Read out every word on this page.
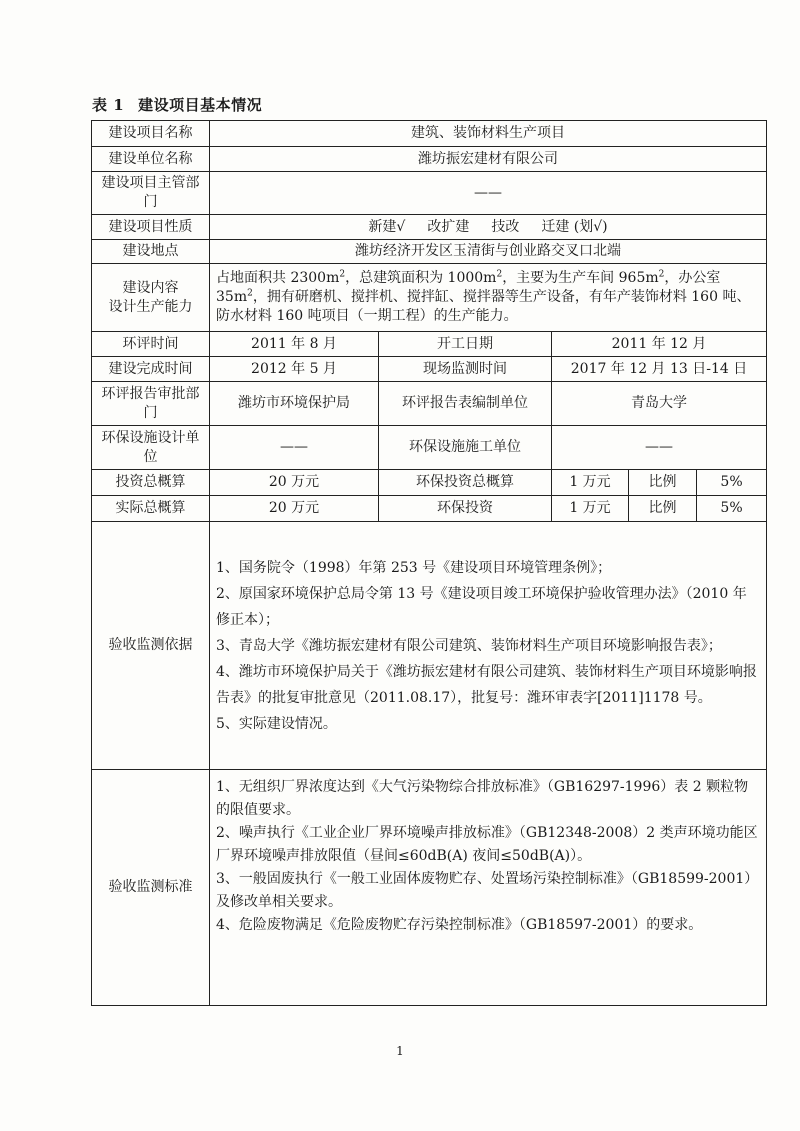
表 1 建设项目基本情况
建设项目名称	建筑、装饰材料生产项目				
建设单位名称	潍坊振宏建材有限公司				
建设项目主管部门	——				
建设项目性质	新建√ 改扩建 技改 迁建 (划√)				
建设地点	潍坊经济开发区玉清街与创业路交叉口北端				
建设内容
设计生产能力	占地面积共 $2300m^2$，总建筑面积为 $1000m^2$，主要为生产车间 $965m^2$，办公室 $35m^2$，拥有研磨机、搅拌机、搅拌缸、搅拌器等生产设备，有年产装饰材料 160 吨、防水材料 160 吨项目（一期工程）的生产能力。				
环评时间	2011 年 8 月	开工日期	2011 年 12 月		
建设完成时间	2012 年 5 月	现场监测时间	2017 年 12 月 13 日-14 日		
环评报告审批部门	潍坊市环境保护局	环评报告表编制单位	青岛大学		
环保设施设计单位	——	环保设施施工单位	——		
投资总概算	20 万元	环保投资总概算	1 万元	比例	5%
实际总概算	20 万元	环保投资	1 万元	比例	5%
验收监测依据	1、国务院令（1998）年第 253 号《建设项目环境管理条例》；

2、原国家环境保护总局令第 13 号《建设项目竣工环境保护验收管理办法》（2010 年修正本）；

3、青岛大学《潍坊振宏建材有限公司建筑、装饰材料生产项目环境影响报告表》；

4、潍坊市环境保护局关于《潍坊振宏建材有限公司建筑、装饰材料生产项目环境影响报告表》的批复审批意见（2011.08.17），批复号：潍环审表字[2011]1178 号。

5、实际建设情况。				

验收监测标准	1、无组织厂界浓度达到《大气污染物综合排放标准》（GB16297-1996）表 2 颗粒物的限值要求。

2、噪声执行《工业企业厂界环境噪声排放标准》（GB12348-2008）2 类声环境功能区厂界环境噪声排放限值（昼间≤60dB(A) 夜间≤50dB(A)）。

3、一般固废执行《一般工业固体废物贮存、处置场污染控制标准》（GB18599-2001）及修改单相关要求。

4、危险废物满足《危险废物贮存污染控制标准》（GB18597-2001）的要求。				

1
